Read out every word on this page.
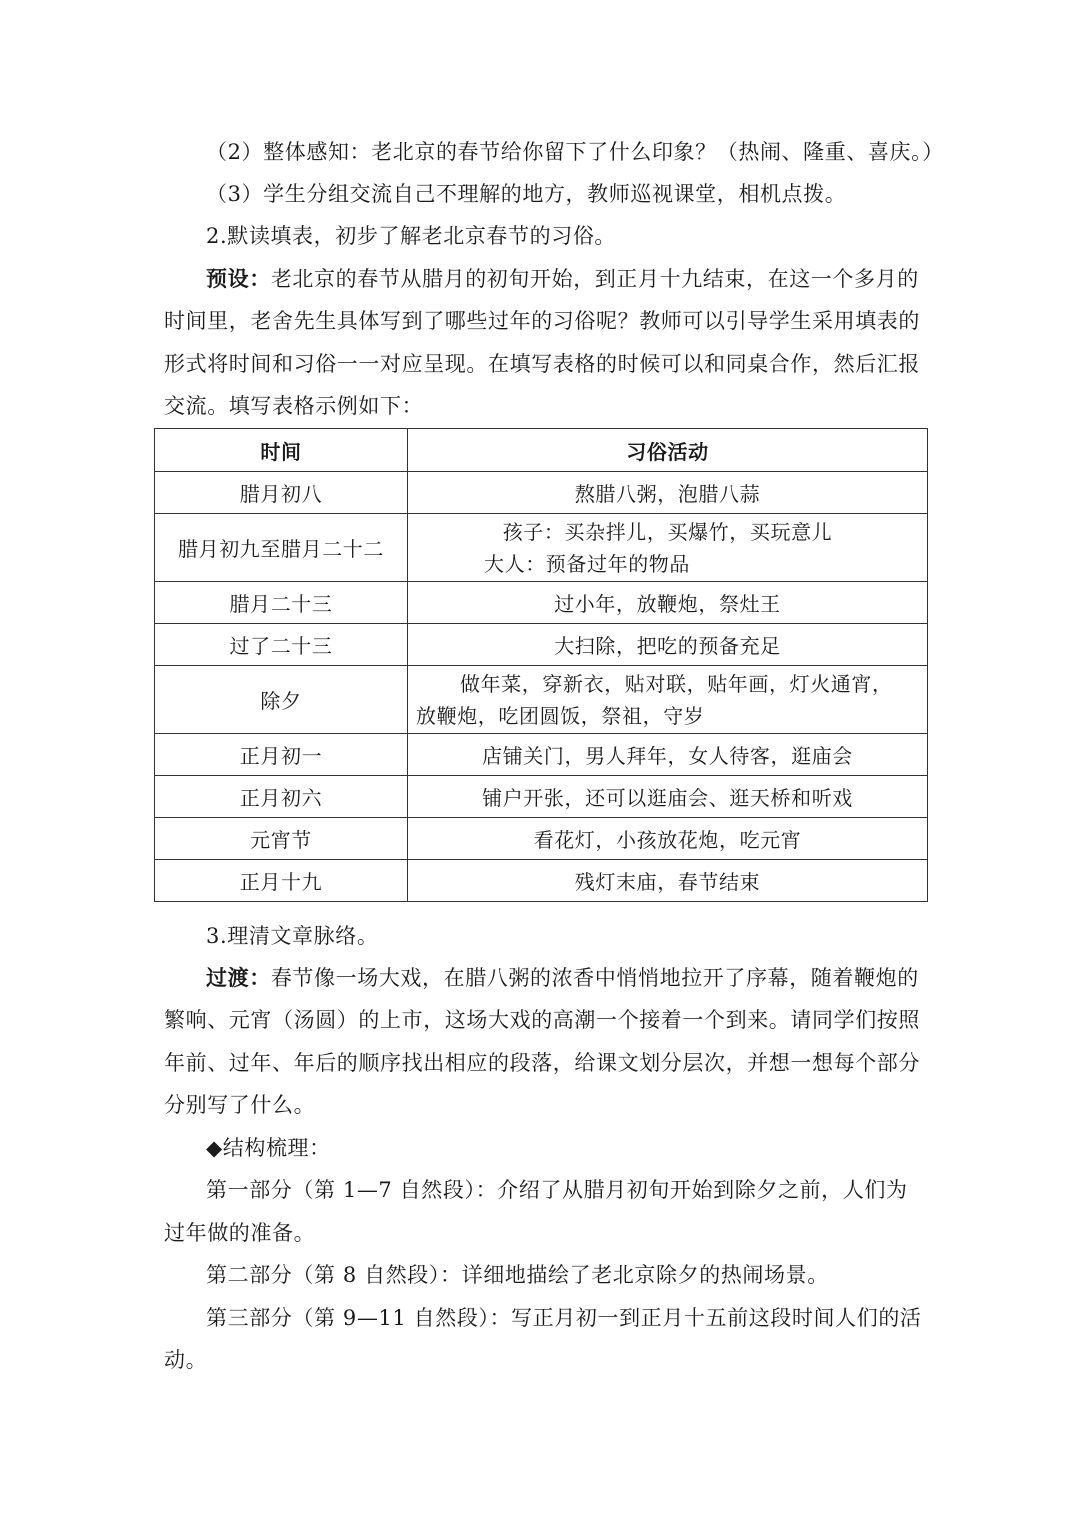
（2）整体感知：老北京的春节给你留下了什么印象？（热闹、隆重、喜庆。）
（3）学生分组交流自己不理解的地方，教师巡视课堂，相机点拨。
2.默读填表，初步了解老北京春节的习俗。
预设：老北京的春节从腊月的初旬开始，到正月十九结束，在这一个多月的
时间里，老舍先生具体写到了哪些过年的习俗呢？教师可以引导学生采用填表的
形式将时间和习俗一一对应呈现。在填写表格的时候可以和同桌合作，然后汇报
交流。填写表格示例如下：
时间	习俗活动
腊月初八	熬腊八粥，泡腊八蒜
腊月初九至腊月二十二	孩子：买杂拌儿，买爆竹，买玩意儿
大人：预备过年的物品

腊月二十三	过小年，放鞭炮，祭灶王
过了二十三	大扫除，把吃的预备充足
除夕	做年菜，穿新衣，贴对联，贴年画，灯火通宵，
放鞭炮，吃团圆饭，祭祖，守岁

正月初一	店铺关门，男人拜年，女人待客，逛庙会
正月初六	铺户开张，还可以逛庙会、逛天桥和听戏
元宵节	看花灯，小孩放花炮，吃元宵
正月十九	残灯末庙，春节结束
3.理清文章脉络。
过渡：春节像一场大戏，在腊八粥的浓香中悄悄地拉开了序幕，随着鞭炮的
繁响、元宵（汤圆）的上市，这场大戏的高潮一个接着一个到来。请同学们按照
年前、过年、年后的顺序找出相应的段落，给课文划分层次，并想一想每个部分
分别写了什么。
◆结构梳理：
第一部分（第 1—7 自然段）：介绍了从腊月初旬开始到除夕之前，人们为
过年做的准备。
第二部分（第 8 自然段）：详细地描绘了老北京除夕的热闹场景。
第三部分（第 9—11 自然段）：写正月初一到正月十五前这段时间人们的活
动。
